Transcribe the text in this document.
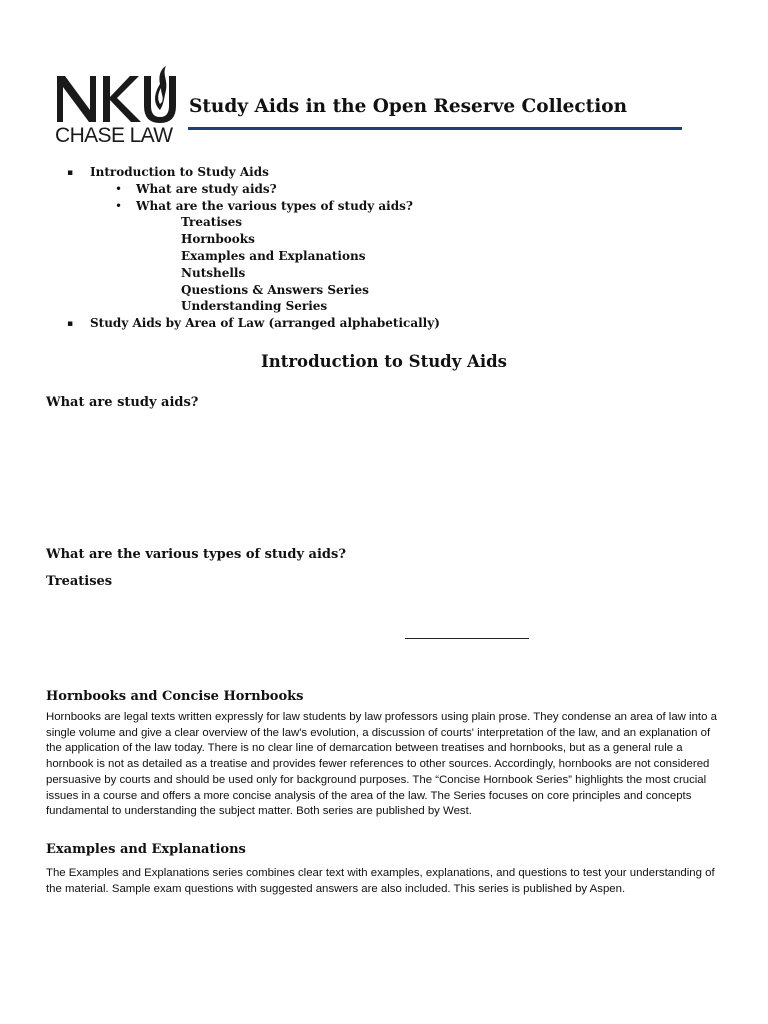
CHASE LAW
Study Aids in the Open Reserve Collection
▪ Introduction to Study Aids
• What are study aids?
• What are the various types of study aids?
Treatises
Hornbooks
Examples and Explanations
Nutshells
Questions & Answers Series
Understanding Series
▪ Study Aids by Area of Law (arranged alphabetically)
Introduction to Study Aids
What are study aids?
What are the various types of study aids?
Treatises
Hornbooks and Concise Hornbooks

Hornbooks are legal texts written expressly for law students by law professors using plain prose. They condense an area of law into a single volume and give a clear overview of the law's evolution, a discussion of courts' interpretation of the law, and an explanation of the application of the law today. There is no clear line of demarcation between treatises and hornbooks, but as a general rule a hornbook is not as detailed as a treatise and provides fewer references to other sources. Accordingly, hornbooks are not considered persuasive by courts and should be used only for background purposes. The “Concise Hornbook Series” highlights the most crucial issues in a course and offers a more concise analysis of the area of the law. The Series focuses on core principles and concepts fundamental to understanding the subject matter. Both series are published by West.

Examples and Explanations

The Examples and Explanations series combines clear text with examples, explanations, and questions to test your understanding of the material. Sample exam questions with suggested answers are also included. This series is published by Aspen.
